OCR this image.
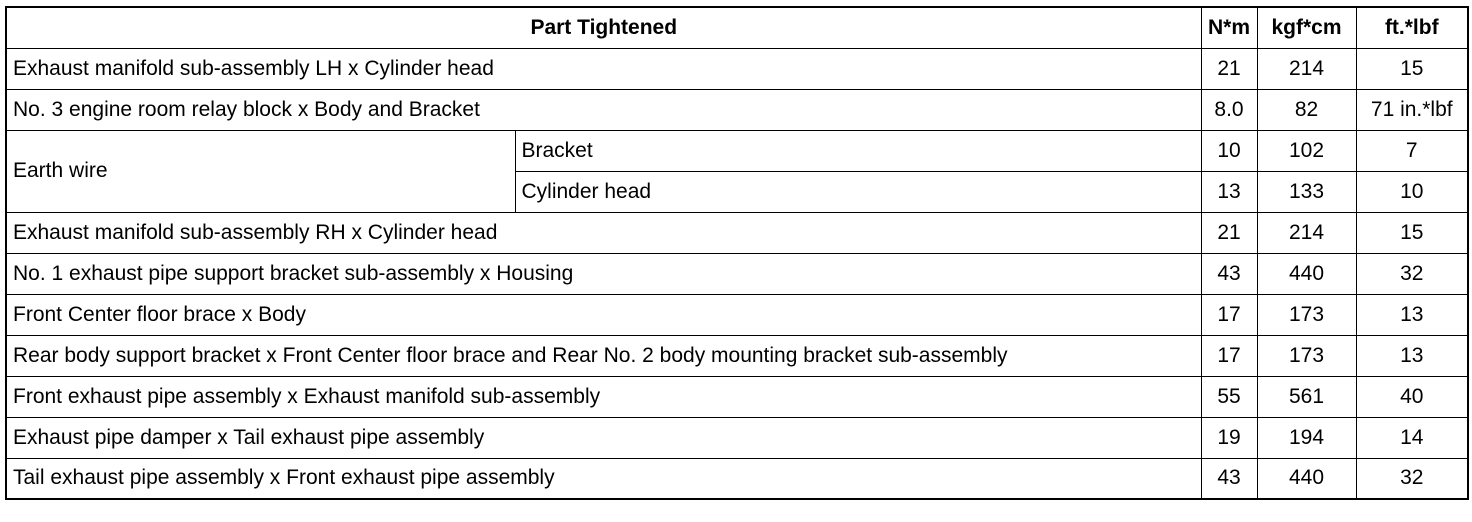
Part Tightened		N*m	kgf*cm	ft.*lbf
Exhaust manifold sub-assembly LH x Cylinder head		21	214	15
No. 3 engine room relay block x Body and Bracket		8.0	82	71 in.*lbf
Earth wire	Bracket	10	102	7
	Cylinder head	13	133	10
Exhaust manifold sub-assembly RH x Cylinder head		21	214	15
No. 1 exhaust pipe support bracket sub-assembly x Housing		43	440	32
Front Center floor brace x Body		17	173	13
Rear body support bracket x Front Center floor brace and Rear No. 2 body mounting bracket sub-assembly		17	173	13
Front exhaust pipe assembly x Exhaust manifold sub-assembly		55	561	40
Exhaust pipe damper x Tail exhaust pipe assembly		19	194	14
Tail exhaust pipe assembly x Front exhaust pipe assembly		43	440	32
